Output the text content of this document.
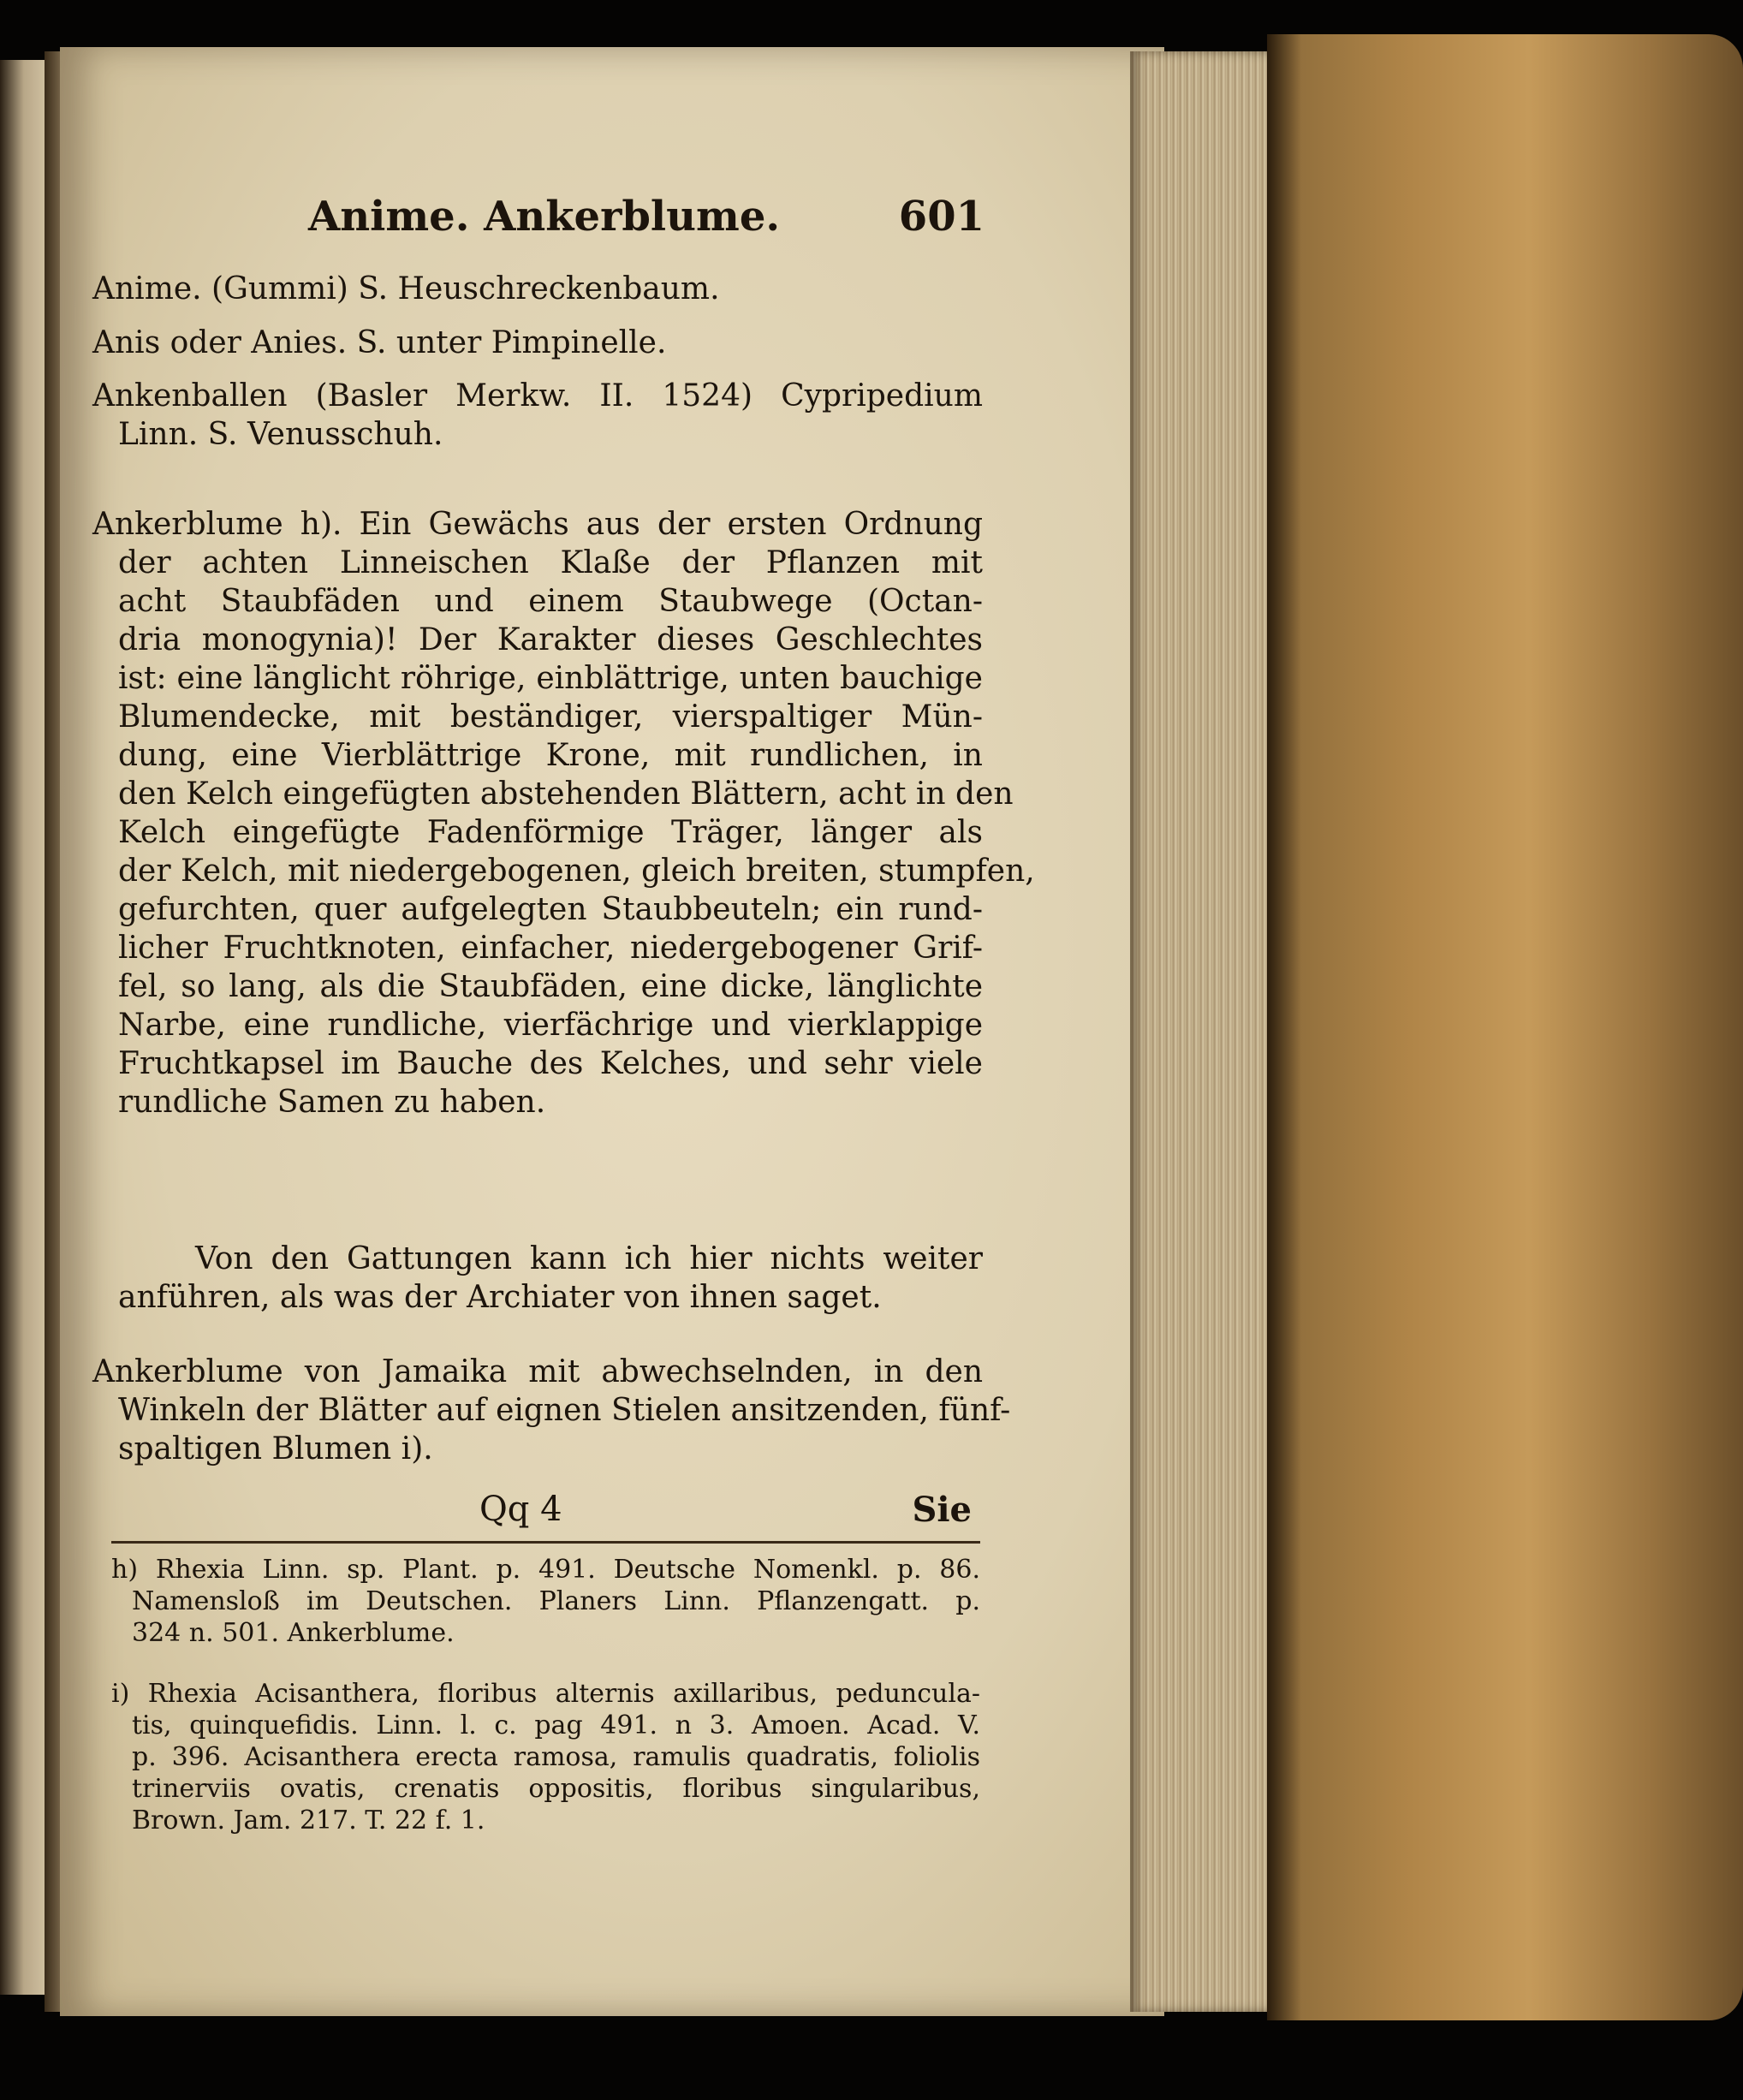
Anime. Ankerblume.	601
Anime. (Gummi) S. Heuschreckenbaum.
Anis oder Anies. S. unter Pimpinelle.
Ankenballen (Basler Merkw. II. 1524) Cypripedium
Linn. S. Venusschuh.
Ankerblume h). Ein Gewächs aus der ersten Ordnung
der achten Linneischen Klaße der Pflanzen mit
acht Staubfäden und einem Staubwege (Octan-
dria monogynia)! Der Karakter dieses Geschlechtes
ist: eine länglicht röhrige, einblättrige, unten bauchige
Blumendecke, mit beständiger, vierspaltiger Mün-
dung, eine Vierblättrige Krone, mit rundlichen, in
den Kelch eingefügten abstehenden Blättern, acht in den
Kelch eingefügte Fadenförmige Träger, länger als
der Kelch, mit niedergebogenen, gleich breiten, stumpfen,
gefurchten, quer aufgelegten Staubbeuteln; ein rund-
licher Fruchtknoten, einfacher, niedergebogener Grif-
fel, so lang, als die Staubfäden, eine dicke, länglichte
Narbe, eine rundliche, vierfächrige und vierklappige
Fruchtkapsel im Bauche des Kelches, und sehr viele
rundliche Samen zu haben.
Von den Gattungen kann ich hier nichts weiter
anführen, als was der Archiater von ihnen saget.
Ankerblume von Jamaika mit abwechselnden, in den
Winkeln der Blätter auf eignen Stielen ansitzenden, fünf-
spaltigen Blumen i).
Qq 4	Sie
h) Rhexia Linn. sp. Plant. p. 491. Deutsche Nomenkl. p. 86.
Namensloß im Deutschen. Planers Linn. Pflanzengatt. p.
324 n. 501. Ankerblume.
i) Rhexia Acisanthera, floribus alternis axillaribus, peduncula-
tis, quinquefidis. Linn. l. c. pag 491. n 3. Amoen. Acad. V.
p. 396. Acisanthera erecta ramosa, ramulis quadratis, foliolis
trinerviis ovatis, crenatis oppositis, floribus singularibus,
Brown. Jam. 217. T. 22 f. 1.
